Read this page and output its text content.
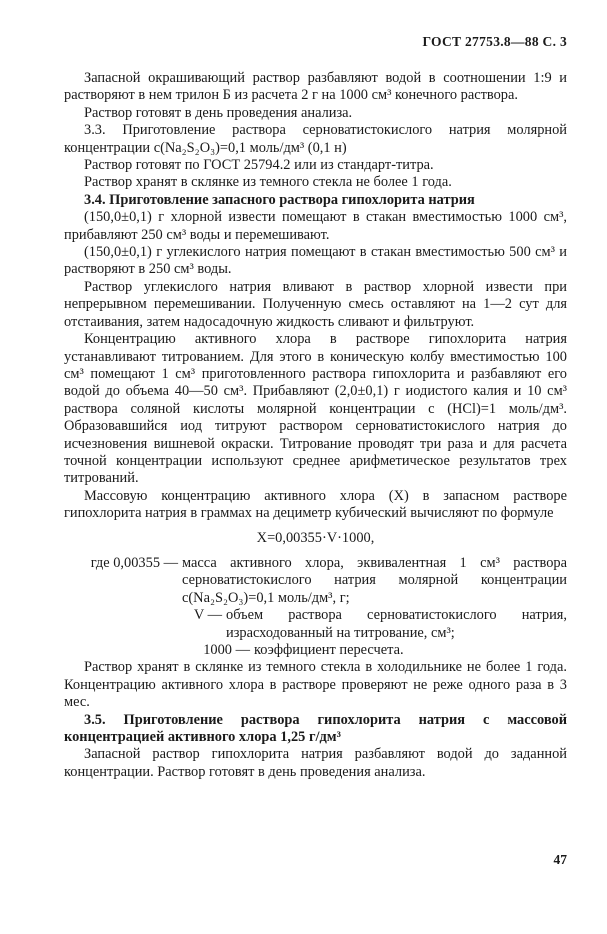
ГОСТ 27753.8—88 С. 3

Запасной окрашивающий раствор разбавляют водой в соотношении 1:9 и растворяют в нем трилон Б из расчета 2 г на 1000 см³ конечного раствора.

Раствор готовят в день проведения анализа.

3.3. Приготовление раствора серноватистокислого натрия молярной концентрации c(Na₂S₂O₃)=0,1 моль/дм³ (0,1 н)

Раствор готовят по ГОСТ 25794.2 или из стандарт-титра.

Раствор хранят в склянке из темного стекла не более 1 года.

3.4. Приготовление запасного раствора гипохлорита натрия

(150,0±0,1) г хлорной извести помещают в стакан вместимостью 1000 см³, прибавляют 250 см³ воды и перемешивают.

(150,0±0,1) г углекислого натрия помещают в стакан вместимостью 500 см³ и растворяют в 250 см³ воды.

Раствор углекислого натрия вливают в раствор хлорной извести при непрерывном перемешивании. Полученную смесь оставляют на 1—2 сут для отстаивания, затем надосадочную жидкость сливают и фильтруют.

Концентрацию активного хлора в растворе гипохлорита натрия устанавливают титрованием. Для этого в коническую колбу вместимостью 100 см³ помещают 1 см³ приготовленного раствора гипохлорита и разбавляют его водой до объема 40—50 см³. Прибавляют (2,0±0,1) г иодистого калия и 10 см³ раствора соляной кислоты молярной концентрации c (HCl)=1 моль/дм³. Образовавшийся иод титруют раствором серноватистокислого натрия до исчезновения вишневой окраски. Титрование проводят три раза и для расчета точной концентрации используют среднее арифметическое результатов трех титрований.

Массовую концентрацию активного хлора (X) в запасном растворе гипохлорита натрия в граммах на дециметр кубический вычисляют по формуле

X=0,00355·V·1000,

где 0,00355 — масса активного хлора, эквивалентная 1 см³ раствора серноватистокислого натрия молярной концентрации c(Na₂S₂O₃)=0,1 моль/дм³, г;
V — объем раствора серноватистокислого натрия, израсходованный на титрование, см³;
1000 — коэффициент пересчета.

Раствор хранят в склянке из темного стекла в холодильнике не более 1 года. Концентрацию активного хлора в растворе проверяют не реже одного раза в 3 мес.

3.5. Приготовление раствора гипохлорита натрия с массовой концентрацией активного хлора 1,25 г/дм³

Запасной раствор гипохлорита натрия разбавляют водой до заданной концентрации. Раствор готовят в день проведения анализа.

47
